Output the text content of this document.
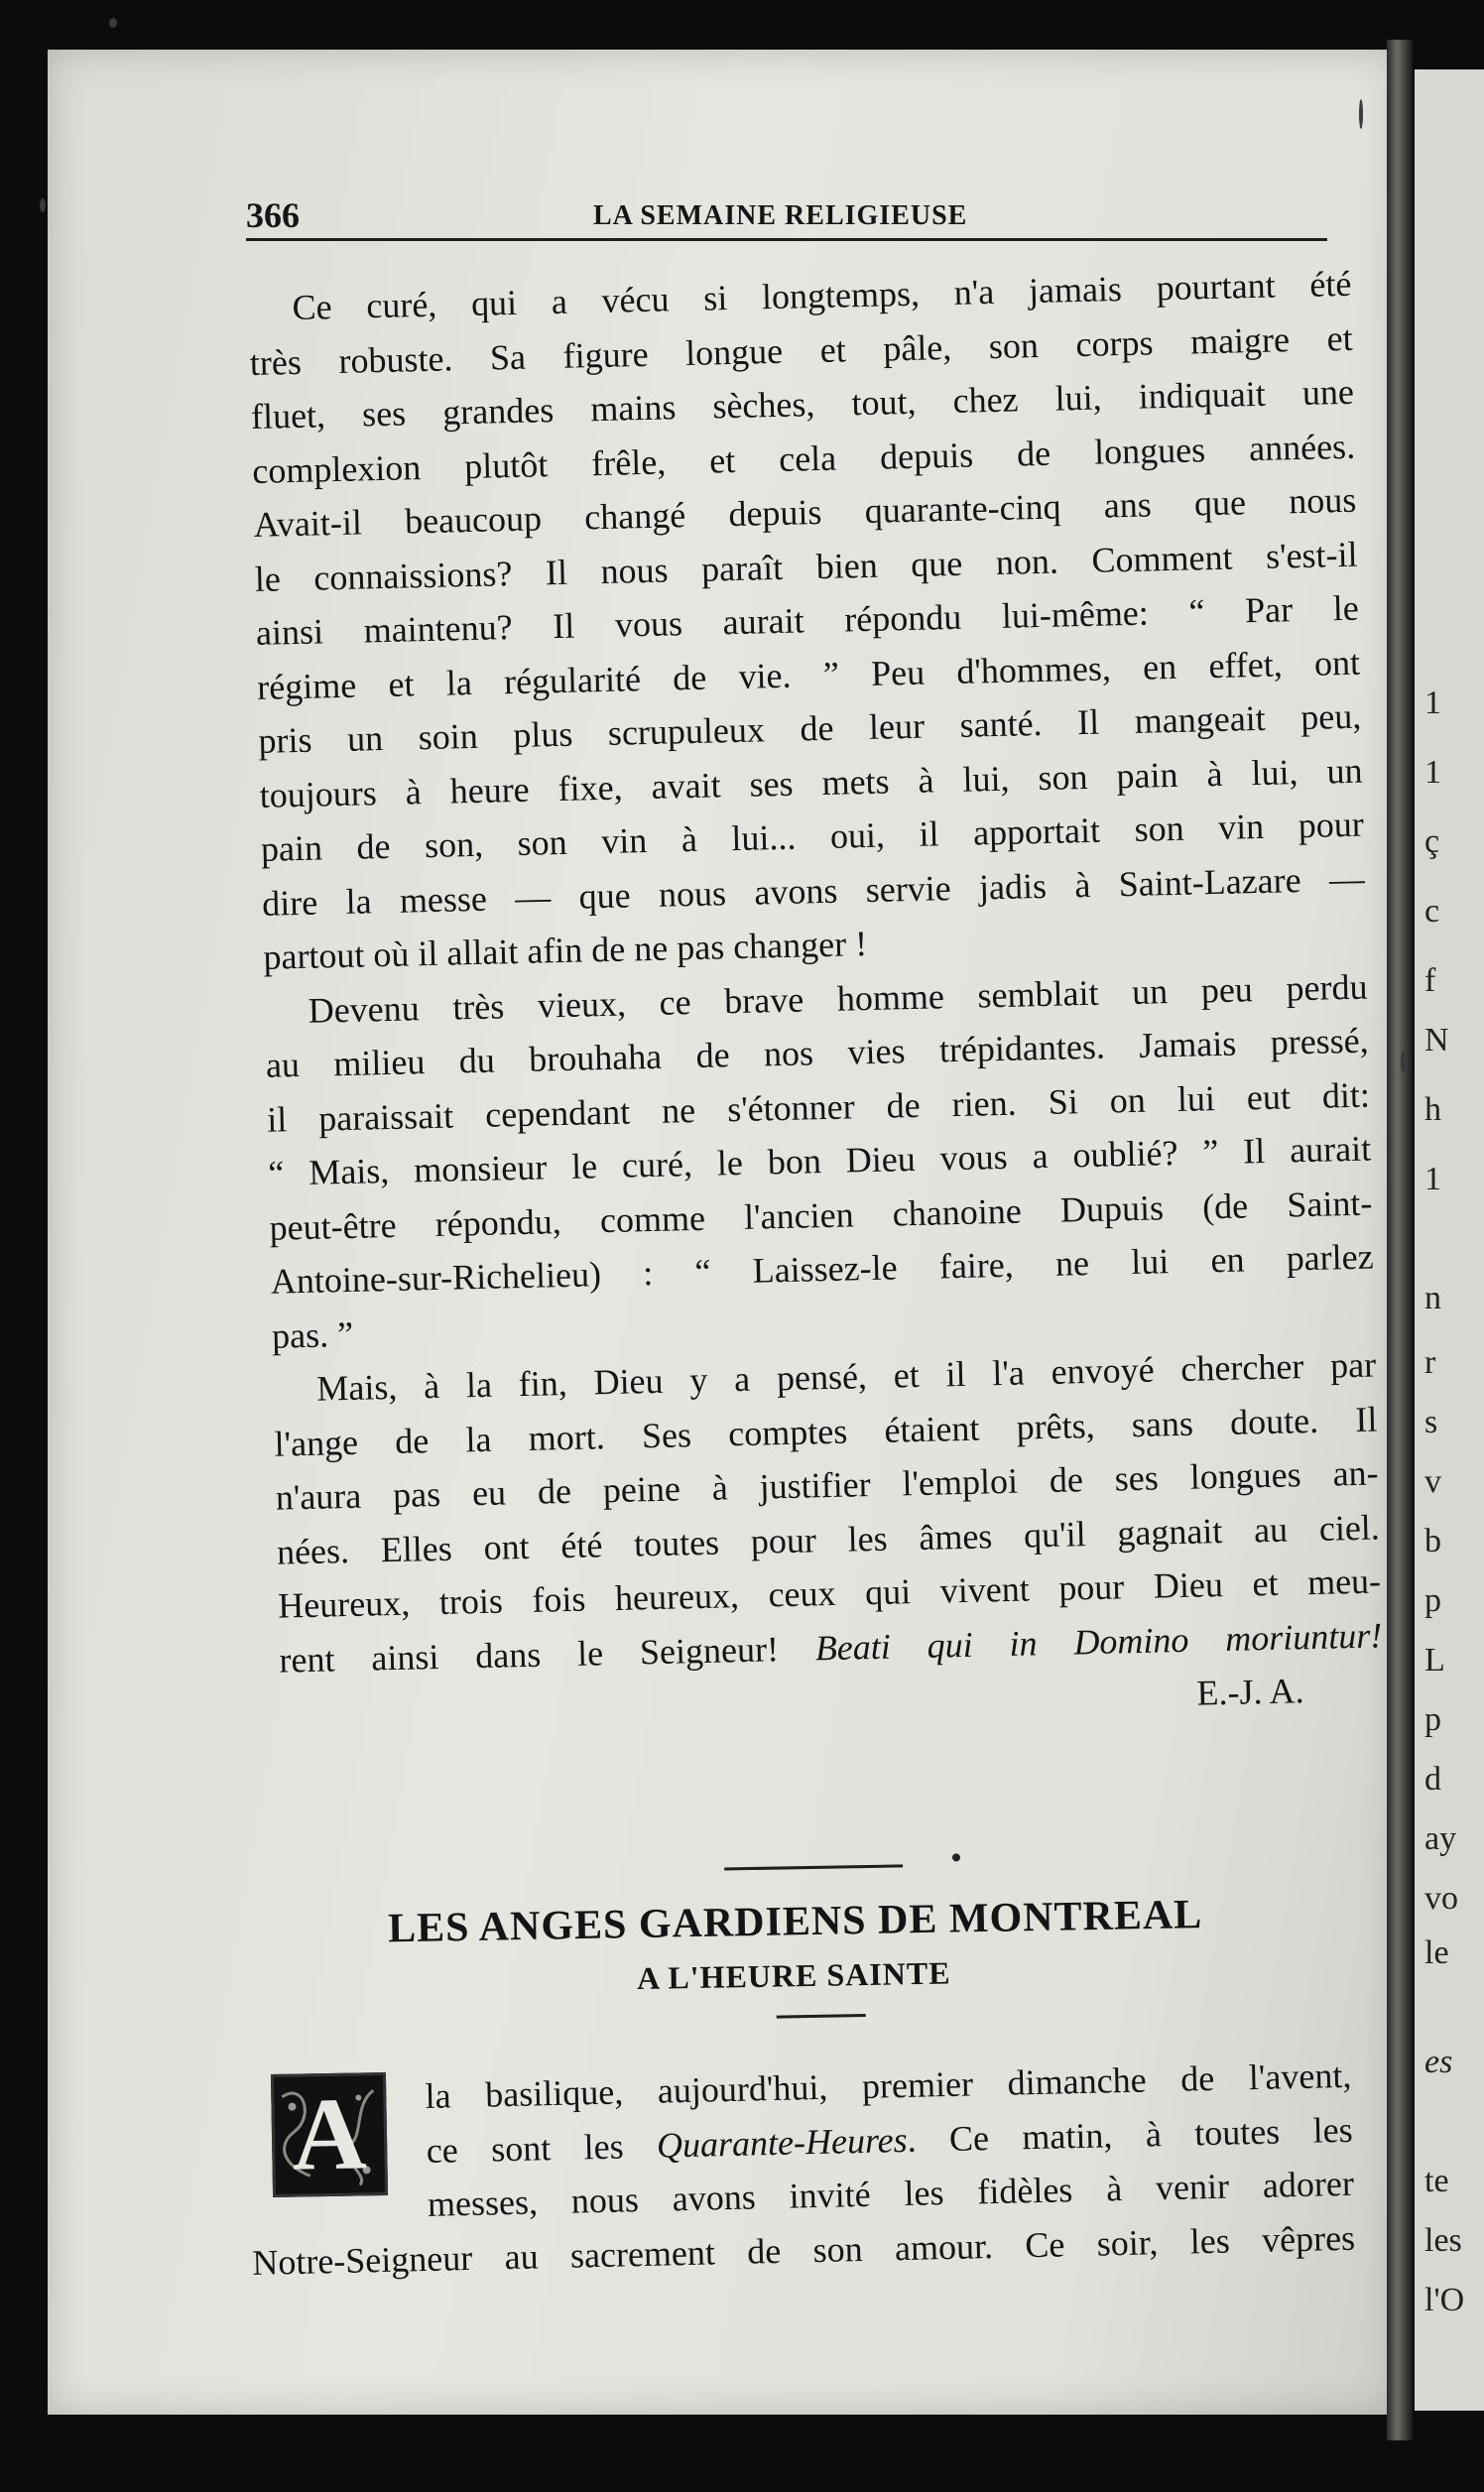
1
1
ç
c
f
N
h
1
n
r
s
v
b
p
L
p
d
ay
vo
le
es
te
les
l'O
366	LA SEMAINE RELIGIEUSE
Ce curé, qui a vécu si longtemps, n'a jamais pourtant été
très robuste. Sa figure longue et pâle, son corps maigre et
fluet, ses grandes mains sèches, tout, chez lui, indiquait une
complexion plutôt frêle, et cela depuis de longues années.
Avait-il beaucoup changé depuis quarante-cinq ans que nous
le connaissions? Il nous paraît bien que non. Comment s'est-il
ainsi maintenu? Il vous aurait répondu lui-même: “ Par le
régime et la régularité de vie. ” Peu d'hommes, en effet, ont
pris un soin plus scrupuleux de leur santé. Il mangeait peu,
toujours à heure fixe, avait ses mets à lui, son pain à lui, un
pain de son, son vin à lui... oui, il apportait son vin pour
dire la messe — que nous avons servie jadis à Saint-Lazare —
partout où il allait afin de ne pas changer !
Devenu très vieux, ce brave homme semblait un peu perdu
au milieu du brouhaha de nos vies trépidantes. Jamais pressé,
il paraissait cependant ne s'étonner de rien. Si on lui eut dit:
“ Mais, monsieur le curé, le bon Dieu vous a oublié? ” Il aurait
peut-être répondu, comme l'ancien chanoine Dupuis (de Saint-
Antoine-sur-Richelieu) : “ Laissez-le faire, ne lui en parlez
pas. ”
Mais, à la fin, Dieu y a pensé, et il l'a envoyé chercher par
l'ange de la mort. Ses comptes étaient prêts, sans doute. Il
n'aura pas eu de peine à justifier l'emploi de ses longues an-
nées. Elles ont été toutes pour les âmes qu'il gagnait au ciel.
Heureux, trois fois heureux, ceux qui vivent pour Dieu et meu-
rent ainsi dans le Seigneur! Beati qui in Domino moriuntur!
E.-J. A.
LES ANGES GARDIENS DE MONTREAL
A L'HEURE SAINTE
A	la basilique, aujourd'hui, premier dimanche de l'avent,
ce sont les Quarante-Heures. Ce matin, à toutes les
messes, nous avons invité les fidèles à venir adorer
Notre-Seigneur au sacrement de son amour. Ce soir, les vêpres
